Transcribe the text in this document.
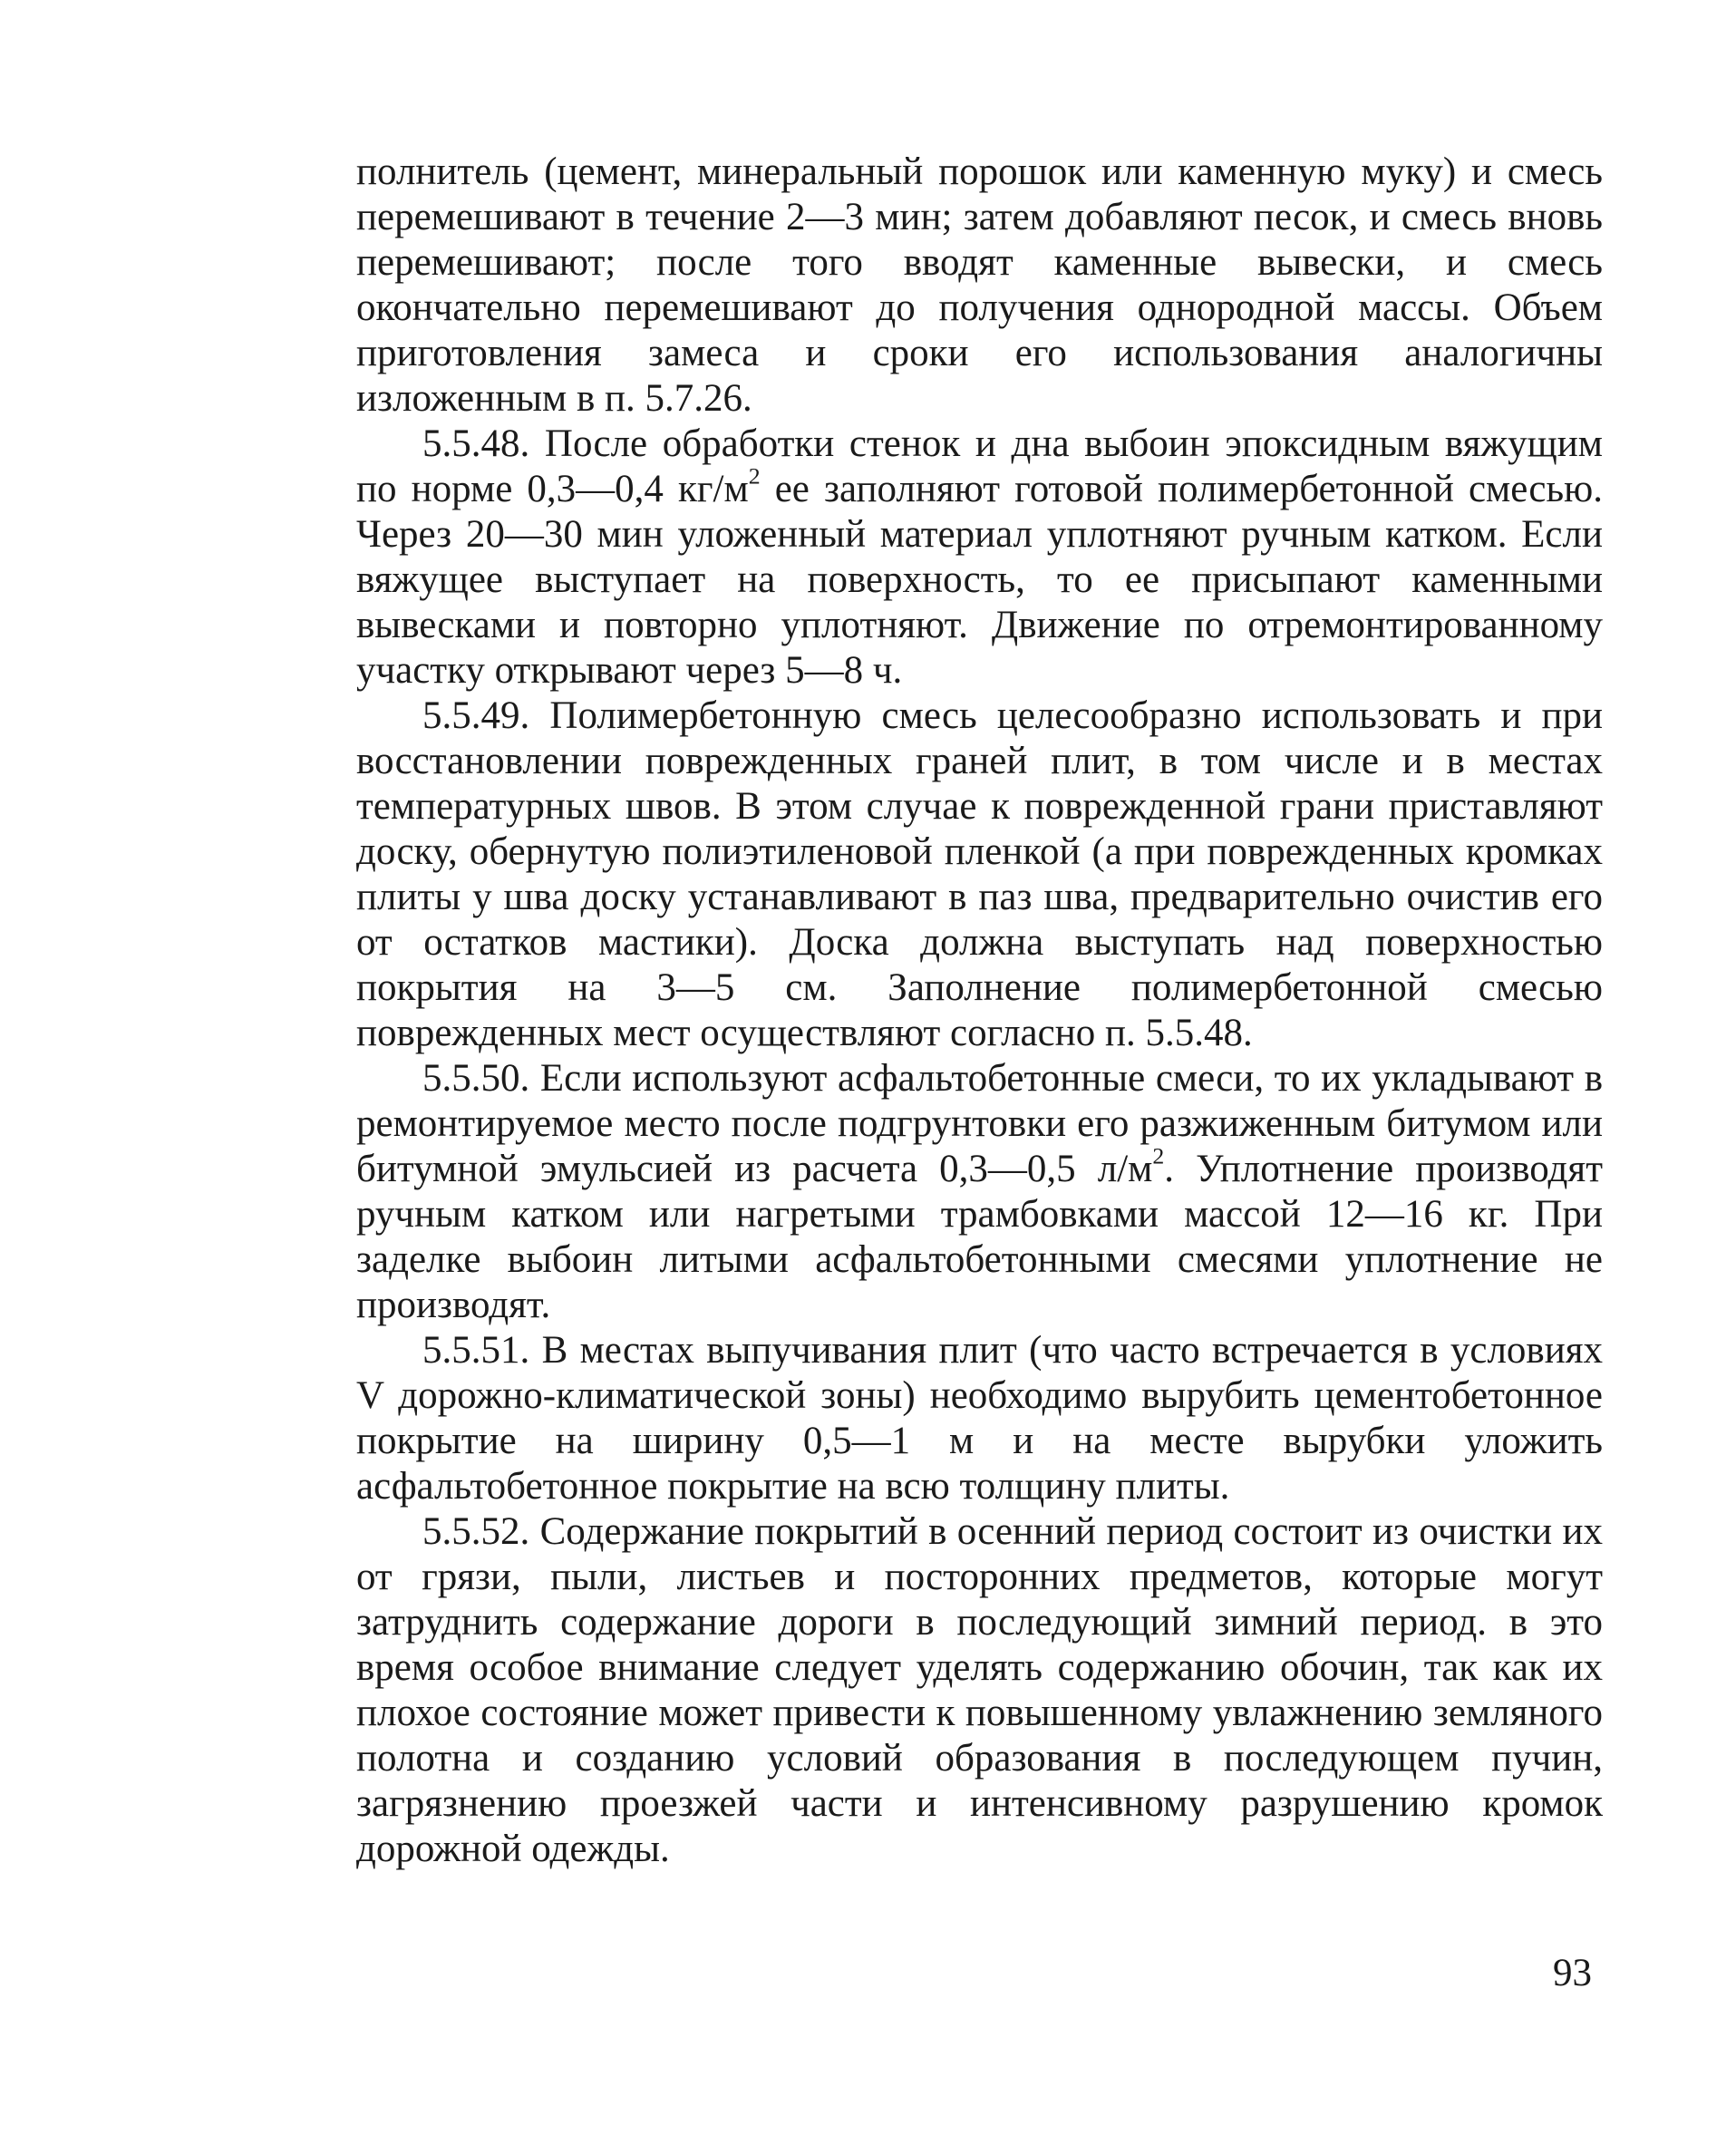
полнитель (цемент, минеральный порошок или каменную муку) и смесь перемешивают в течение 2—3 мин; затем добавляют песок, и смесь вновь перемешивают; после того вводят каменные вывески, и смесь окончательно перемешивают до получения однородной массы. Объем приготовления замеса и сроки его использования аналогичны изложенным в п. 5.7.26.

5.5.48. После обработки стенок и дна выбоин эпоксидным вяжущим по норме 0,3—0,4 $кг/м^2$ ее заполняют готовой полимербетонной смесью. Через 20—30 мин уложенный материал уплотняют ручным катком. Если вяжущее выступает на поверхность, то ее присыпают каменными вывесками и повторно уплотняют. Движение по отремонтированному участку открывают через 5—8 ч.

5.5.49. Полимербетонную смесь целесообразно использовать и при восстановлении поврежденных граней плит, в том числе и в местах температурных швов. В этом случае к поврежденной грани приставляют доску, обернутую полиэтиленовой пленкой (а при поврежденных кромках плиты у шва доску устанавливают в паз шва, предварительно очистив его от остатков мастики). Доска должна выступать над поверхностью покрытия на 3—5 см. Заполнение полимербетонной смесью поврежденных мест осуществляют согласно п. 5.5.48.

5.5.50. Если используют асфальтобетонные смеси, то их укладывают в ремонтируемое место после подгрунтовки его разжиженным битумом или битумной эмульсией из расчета 0,3—0,5 $л/м^2$. Уплотнение производят ручным катком или нагретыми трамбовками массой 12—16 кг. При заделке выбоин литыми асфальтобетонными смесями уплотнение не производят.

5.5.51. В местах выпучивания плит (что часто встречается в условиях V дорожно-климатической зоны) необходимо вырубить цементобетонное покрытие на ширину 0,5—1 м и на месте вырубки уложить асфальтобетонное покрытие на всю толщину плиты.

5.5.52. Содержание покрытий в осенний период состоит из очистки их от грязи, пыли, листьев и посторонних предметов, которые могут затруднить содержание дороги в последующий зимний период. в это время особое внимание следует уделять содержанию обочин, так как их плохое состояние может привести к повышенному увлажнению земляного полотна и созданию условий образования в последующем пучин, загрязнению проезжей части и интенсивному разрушению кромок дорожной одежды.

93
